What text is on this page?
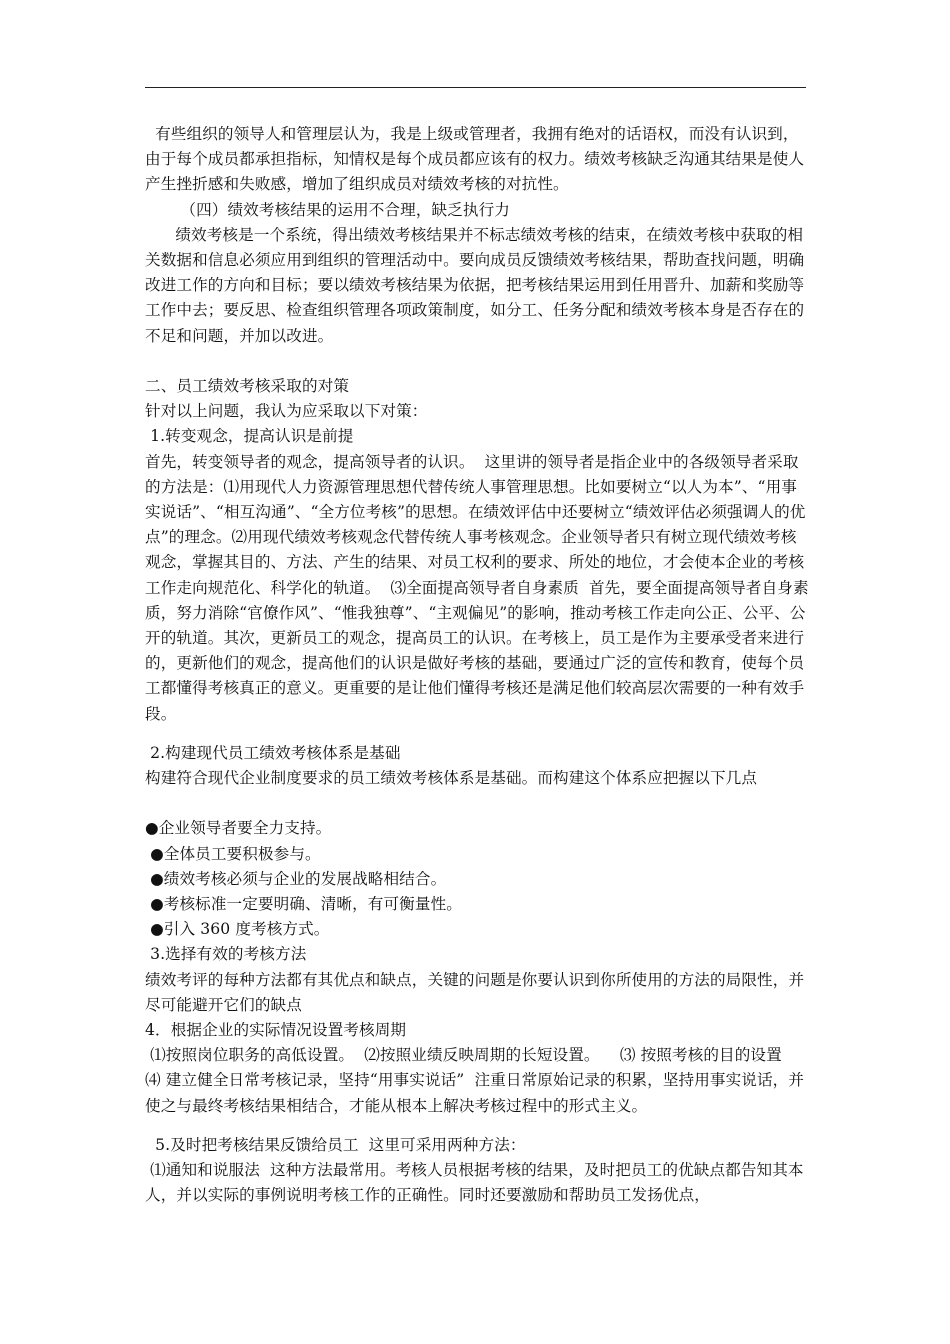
有些组织的领导人和管理层认为，我是上级或管理者，我拥有绝对的话语权，而没有认识到，由于每个成员都承担指标，知情权是每个成员都应该有的权力。绩效考核缺乏沟通其结果是使人产生挫折感和失败感，增加了组织成员对绩效考核的对抗性。

（四）绩效考核结果的运用不合理，缺乏执行力

绩效考核是一个系统，得出绩效考核结果并不标志绩效考核的结束，在绩效考核中获取的相关数据和信息必须应用到组织的管理活动中。要向成员反馈绩效考核结果，帮助查找问题，明确改进工作的方向和目标；要以绩效考核结果为依据，把考核结果运用到任用晋升、加薪和奖励等工作中去；要反思、检查组织管理各项政策制度，如分工、任务分配和绩效考核本身是否存在的不足和问题，并加以改进。

二、员工绩效考核采取的对策

针对以上问题，我认为应采取以下对策：

1.转变观念，提高认识是前提

首先，转变领导者的观念，提高领导者的认识。  这里讲的领导者是指企业中的各级领导者采取的方法是：⑴用现代人力资源管理思想代替传统人事管理思想。比如要树立“以人为本”、“用事实说话”、“相互沟通”、“全方位考核”的思想。在绩效评估中还要树立“绩效评估必须强调人的优点”的理念。⑵用现代绩效考核观念代替传统人事考核观念。企业领导者只有树立现代绩效考核观念，掌握其目的、方法、产生的结果、对员工权利的要求、所处的地位，才会使本企业的考核工作走向规范化、科学化的轨道。  ⑶全面提高领导者自身素质  首先，要全面提高领导者自身素质，努力消除“官僚作风”、“惟我独尊”、“主观偏见”的影响，推动考核工作走向公正、公平、公开的轨道。其次，更新员工的观念，提高员工的认识。在考核上，员工是作为主要承受者来进行的，更新他们的观念，提高他们的认识是做好考核的基础，要通过广泛的宣传和教育，使每个员工都懂得考核真正的意义。更重要的是让他们懂得考核还是满足他们较高层次需要的一种有效手段。

2.构建现代员工绩效考核体系是基础

构建符合现代企业制度要求的员工绩效考核体系是基础。而构建这个体系应把握以下几点

●企业领导者要全力支持。

●全体员工要积极参与。

●绩效考核必须与企业的发展战略相结合。

●考核标准一定要明确、清晰，有可衡量性。

●引入 360 度考核方式。

3.选择有效的考核方法

绩效考评的每种方法都有其优点和缺点，关键的问题是你要认识到你所使用的方法的局限性，并尽可能避开它们的缺点

4．根据企业的实际情况设置考核周期

⑴按照岗位职务的高低设置。  ⑵按照业绩反映周期的长短设置。    ⑶ 按照考核的目的设置    ⑷ 建立健全日常考核记录，坚持“用事实说话”  注重日常原始记录的积累，坚持用事实说话，并使之与最终考核结果相结合，才能从根本上解决考核过程中的形式主义。

5.及时把考核结果反馈给员工  这里可采用两种方法：

⑴通知和说服法  这种方法最常用。考核人员根据考核的结果，及时把员工的优缺点都告知其本人，并以实际的事例说明考核工作的正确性。同时还要激励和帮助员工发扬优点，
